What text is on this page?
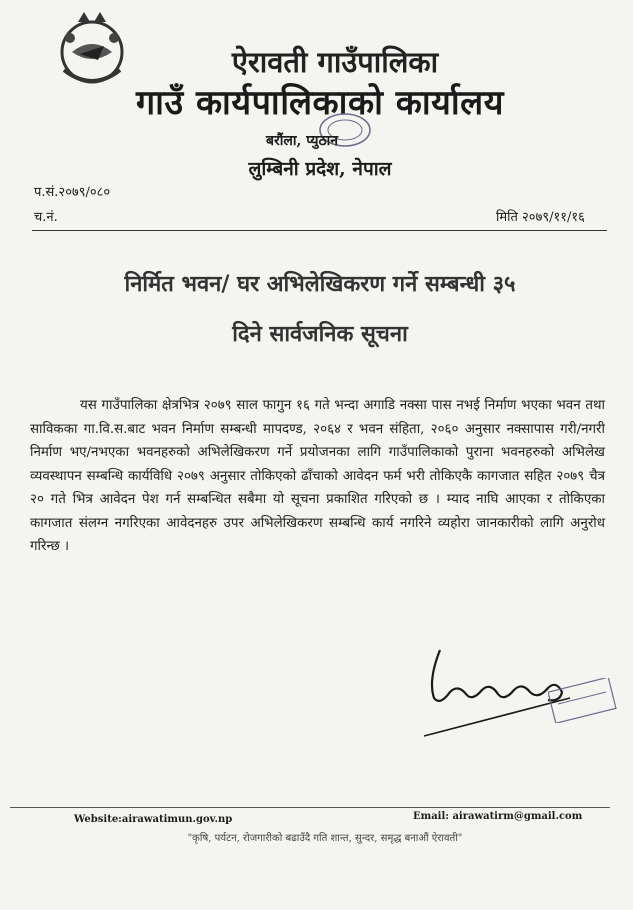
ऐरावती गाउँपालिका
गाउँ कार्यपालिकाको कार्यालय
बरौंला, प्युठान
लुम्बिनी प्रदेश, नेपाल
प.सं.२०७९/०८०
च.नं.	मिति २०७९/११/१६
निर्मित भवन/ घर अभिलेखिकरण गर्ने सम्बन्धी ३५
दिने सार्वजनिक सूचना
यस गाउँपालिका क्षेत्रभित्र २०७९ साल फागुन १६ गते भन्दा अगाडि नक्सा पास नभई निर्माण भएका भवन तथा साविकका गा.वि.स.बाट भवन निर्माण सम्बन्धी मापदण्ड, २०६४ र भवन संहिता, २०६० अनुसार नक्सापास गरी/नगरी निर्माण भए/नभएका भवनहरुको अभिलेखिकरण गर्ने प्रयोजनका लागि गाउँपालिकाको पुराना भवनहरुको अभिलेख व्यवस्थापन सम्बन्धि कार्यविधि २०७९ अनुसार तोकिएको ढाँचाको आवेदन फर्म भरी तोकिएकै कागजात सहित २०७९ चैत्र २० गते भित्र आवेदन पेश गर्न सम्बन्धित सबैमा यो सूचना प्रकाशित गरिएको छ । म्याद नाघि आएका र तोकिएका कागजात संलग्न नगरिएका आवेदनहरु उपर अभिलेखिकरण सम्बन्धि कार्य नगरिने व्यहोरा जानकारीको लागि अनुरोध गरिन्छ ।
Website:airawatimun.gov.np	Email: airawatirm@gmail.com
"कृषि, पर्यटन, रोजगारीको बढाउँदै गति शान्त, सुन्दर, समृद्ध बनाऔं ऐरावती"
